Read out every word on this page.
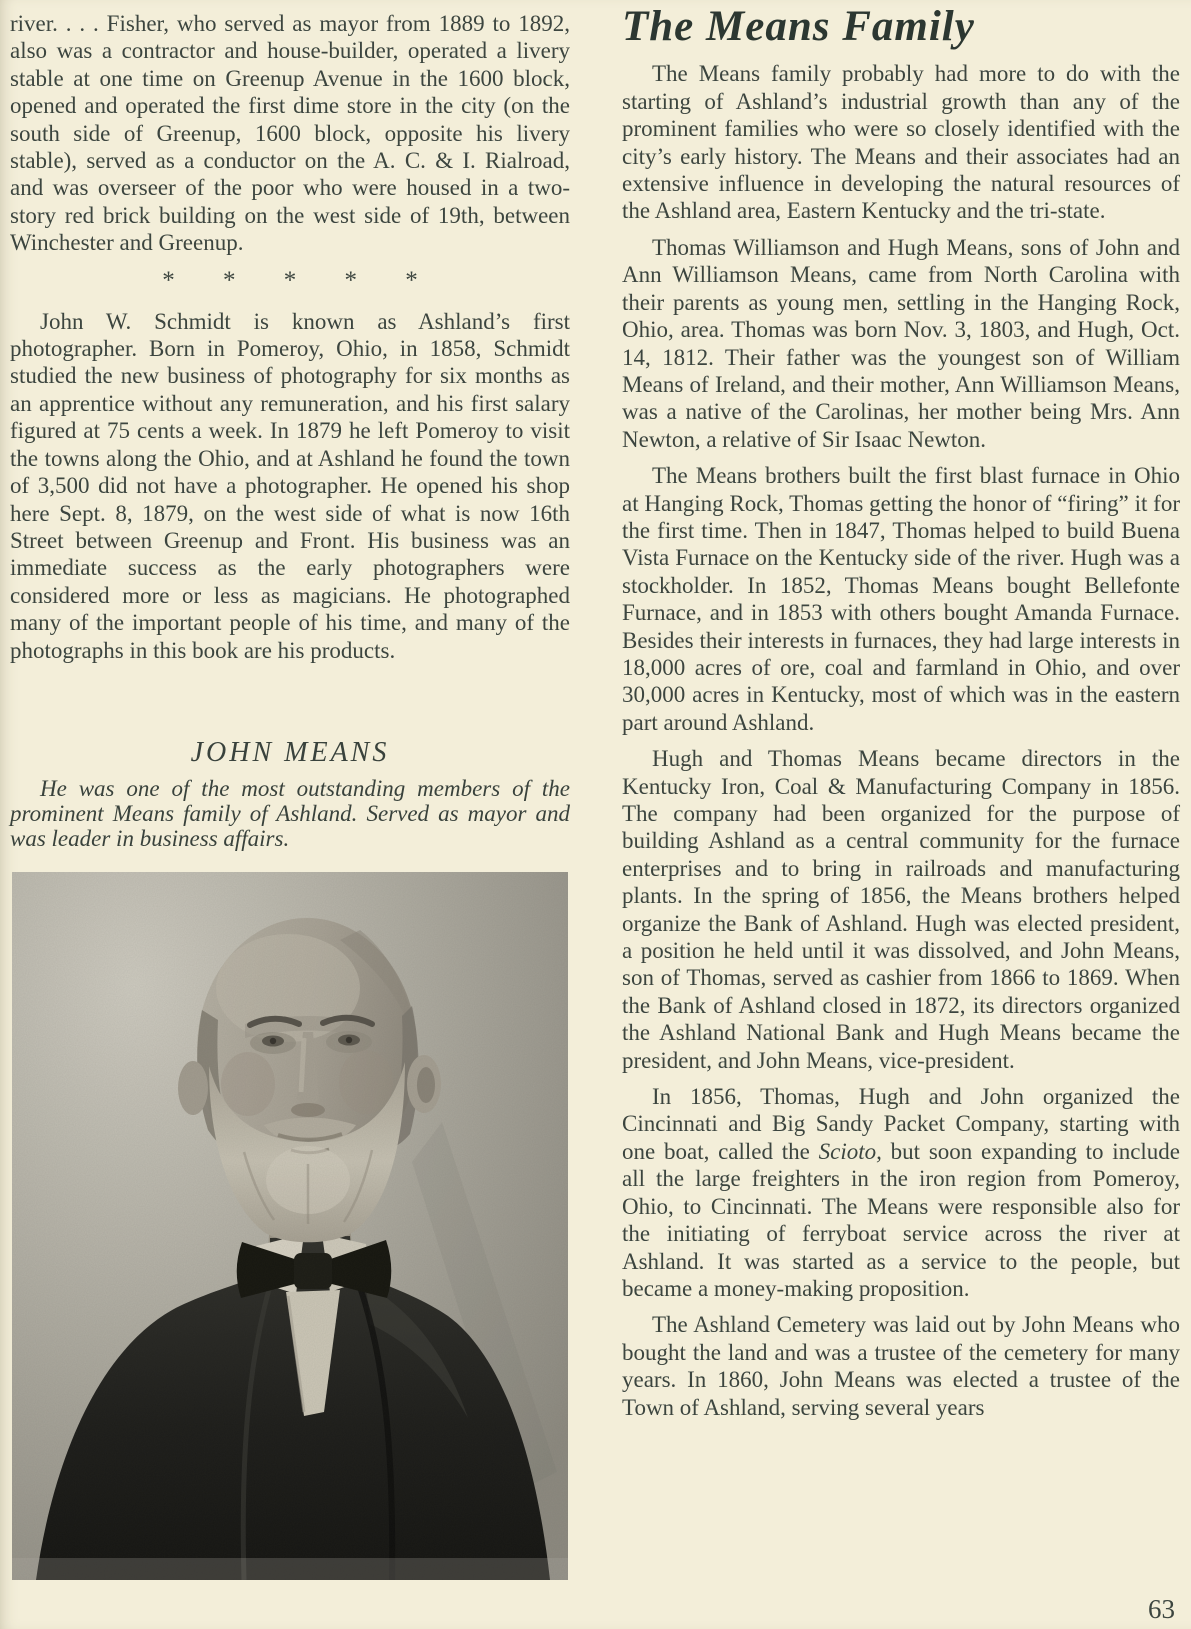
river. . . . Fisher, who served as mayor from 1889 to 1892, also was a contractor and house-builder, operated a livery stable at one time on Greenup Avenue in the 1600 block, opened and operated the first dime store in the city (on the south side of Greenup, 1600 block, opposite his livery stable), served as a conductor on the A. C. & I. Rialroad, and was overseer of the poor who were housed in a two-story red brick building on the west side of 19th, between Winchester and Greenup.

* * * * *

John W. Schmidt is known as Ashland’s first photographer. Born in Pomeroy, Ohio, in 1858, Schmidt studied the new business of photography for six months as an apprentice without any remuneration, and his first salary figured at 75 cents a week. In 1879 he left Pomeroy to visit the towns along the Ohio, and at Ashland he found the town of 3,500 did not have a photographer. He opened his shop here Sept. 8, 1879, on the west side of what is now 16th Street between Greenup and Front. His business was an immediate success as the early photographers were considered more or less as magicians. He photographed many of the important people of his time, and many of the photographs in this book are his products.

JOHN MEANS

He was one of the most outstanding members of the prominent Means family of Ashland. Served as mayor and was leader in business affairs.

The Means Family

The Means family probably had more to do with the starting of Ashland’s industrial growth than any of the prominent families who were so closely identified with the city’s early history. The Means and their associates had an extensive influence in developing the natural resources of the Ashland area, Eastern Kentucky and the tri-state.

Thomas Williamson and Hugh Means, sons of John and Ann Williamson Means, came from North Carolina with their parents as young men, settling in the Hanging Rock, Ohio, area. Thomas was born Nov. 3, 1803, and Hugh, Oct. 14, 1812. Their father was the youngest son of William Means of Ireland, and their mother, Ann Williamson Means, was a native of the Carolinas, her mother being Mrs. Ann Newton, a relative of Sir Isaac Newton.

The Means brothers built the first blast furnace in Ohio at Hanging Rock, Thomas getting the honor of “firing” it for the first time. Then in 1847, Thomas helped to build Buena Vista Furnace on the Kentucky side of the river. Hugh was a stockholder. In 1852, Thomas Means bought Bellefonte Furnace, and in 1853 with others bought Amanda Furnace. Besides their interests in furnaces, they had large interests in 18,000 acres of ore, coal and farmland in Ohio, and over 30,000 acres in Kentucky, most of which was in the eastern part around Ashland.

Hugh and Thomas Means became directors in the Kentucky Iron, Coal & Manufacturing Company in 1856. The company had been organized for the purpose of building Ashland as a central community for the furnace enterprises and to bring in railroads and manufacturing plants. In the spring of 1856, the Means brothers helped organize the Bank of Ashland. Hugh was elected president, a position he held until it was dissolved, and John Means, son of Thomas, served as cashier from 1866 to 1869. When the Bank of Ashland closed in 1872, its directors organized the Ashland National Bank and Hugh Means became the president, and John Means, vice-president.

In 1856, Thomas, Hugh and John organized the Cincinnati and Big Sandy Packet Company, starting with one boat, called the Scioto, but soon expanding to include all the large freighters in the iron region from Pomeroy, Ohio, to Cincinnati. The Means were responsible also for the initiating of ferryboat service across the river at Ashland. It was started as a service to the people, but became a money-making proposition.

The Ashland Cemetery was laid out by John Means who bought the land and was a trustee of the cemetery for many years. In 1860, John Means was elected a trustee of the Town of Ashland, serving several years

63
